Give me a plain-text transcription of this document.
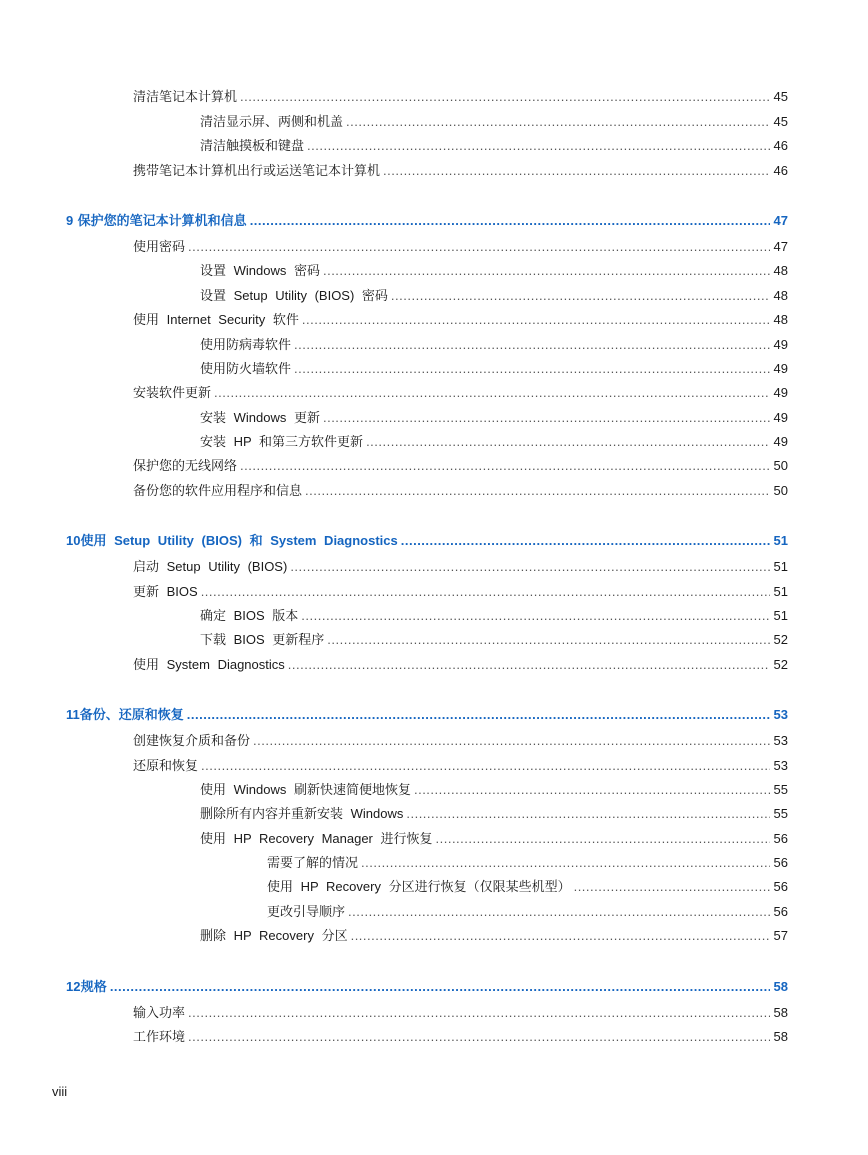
清洁笔记本计算机 .....	45
清洁显示屏、两侧和机盖 .....	45
清洁触摸板和键盘 .....	46
携带笔记本计算机出行或运送笔记本计算机 .....	46
9 保护您的笔记本计算机和信息 .....	47
使用密码 .....	47
设置 Windows 密码 .....	48
设置 Setup Utility (BIOS) 密码 .....	48
使用 Internet Security 软件 .....	48
使用防病毒软件 .....	49
使用防火墙软件 .....	49
安装软件更新 .....	49
安装 Windows 更新 .....	49
安装 HP 和第三方软件更新 .....	49
保护您的无线网络 .....	50
备份您的软件应用程序和信息 .....	50
10 使用 Setup Utility (BIOS) 和 System Diagnostics .....	51
启动 Setup Utility (BIOS) .....	51
更新 BIOS .....	51
确定 BIOS 版本 .....	51
下载 BIOS 更新程序 .....	52
使用 System Diagnostics .....	52
11 备份、还原和恢复 .....	53
创建恢复介质和备份 .....	53
还原和恢复 .....	53
使用 Windows 刷新快速简便地恢复 .....	55
删除所有内容并重新安装 Windows .....	55
使用 HP Recovery Manager 进行恢复 .....	56
需要了解的情况 .....	56
使用 HP Recovery 分区进行恢复（仅限某些机型） .....	56
更改引导顺序 .....	56
删除 HP Recovery 分区 .....	57
12 规格 .....	58
输入功率 .....	58
工作环境 .....	58
viii
